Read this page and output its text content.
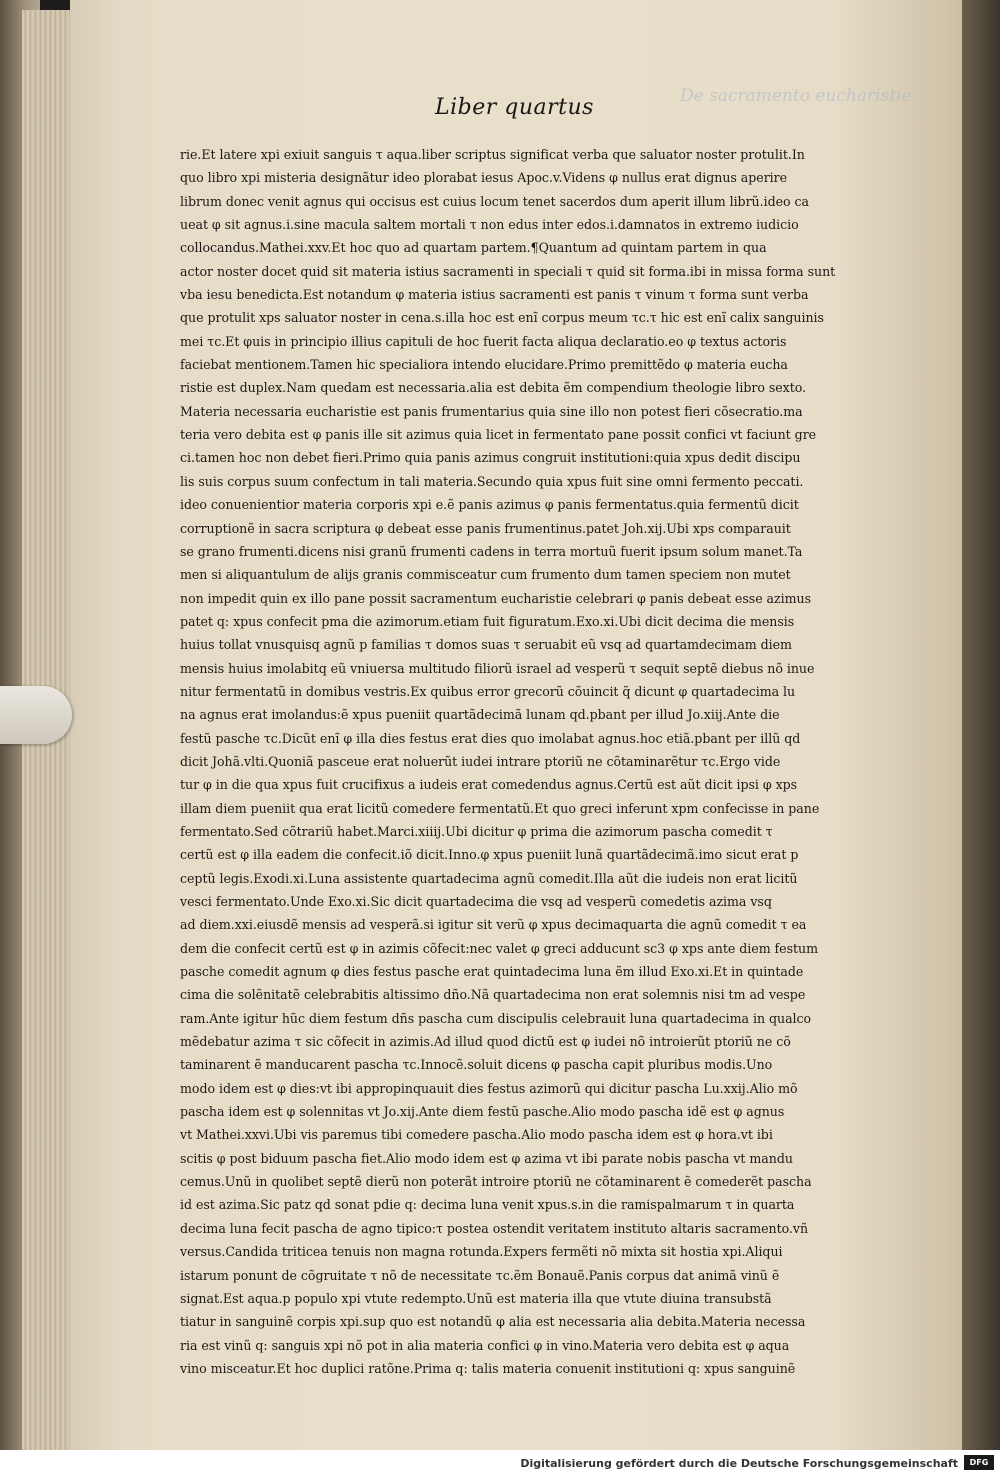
De sacramento eucharistie
Liber quartus
rie.Et latere xpi exiuit sanguis τ aqua.liber scriptus significat verba que saluator noster protulit.In
quo libro xpi misteria designãtur ideo plorabat iesus Apoc.v.Videns φ nullus erat dignus aperire
librum donec venit agnus qui occisus est cuius locum tenet sacerdos dum aperit illum librũ.ideo ca
ueat φ sit agnus.i.sine macula saltem mortali τ non edus inter edos.i.damnatos in extremo iudicio
collocandus.Mathei.xxv.Et hoc quo ad quartam partem.¶Quantum ad quintam partem in qua
actor noster docet quid sit materia istius sacramenti in speciali τ quid sit forma.ibi in missa forma sunt
vba iesu benedicta.Est notandum φ materia istius sacramenti est panis τ vinum τ forma sunt verba
que protulit xps saluator noster in cena.s.illa hoc est enĩ corpus meum τc.τ hic est enĩ calix sanguinis
mei τc.Et φuis in principio illius capituli de hoc fuerit facta aliqua declaratio.eo φ textus actoris
faciebat mentionem.Tamen hic specialiora intendo elucidare.Primo premittẽdo φ materia eucha
ristie est duplex.Nam quedam est necessaria.alia est debita ẽm compendium theologie libro sexto.
Materia necessaria eucharistie est panis frumentarius quia sine illo non potest fieri cõsecratio.ma
teria vero debita est φ panis ille sit azimus quia licet in fermentato pane possit confici vt faciunt gre
ci.tamen hoc non debet fieri.Primo quia panis azimus congruit institutioni:quia xpus dedit discipu
lis suis corpus suum confectum in tali materia.Secundo quia xpus fuit sine omni fermento peccati.
ideo conuenientior materia corporis xpi e.ẽ panis azimus φ panis fermentatus.quia fermentũ dicit
corruptionẽ in sacra scriptura φ debeat esse panis frumentinus.patet Joh.xij.Ubi xps comparauit
se grano frumenti.dicens nisi granũ frumenti cadens in terra mortuũ fuerit ipsum solum manet.Ta
men si aliquantulum de alijs granis commisceatur cum frumento dum tamen speciem non mutet
non impedit quin ex illo pane possit sacramentum eucharistie celebrari φ panis debeat esse azimus
patet q: xpus confecit pma die azimorum.etiam fuit figuratum.Exo.xi.Ubi dicit decima die mensis
huius tollat vnusquisq agnũ p familias τ domos suas τ seruabit eũ vsq ad quartamdecimam diem
mensis huius imolabitq eũ vniuersa multitudo filiorũ israel ad vesperũ τ sequit septẽ diebus nõ inue
nitur fermentatũ in domibus vestris.Ex quibus error grecorũ cõuincit q̃ dicunt φ quartadecima lu
na agnus erat imolandus:ẽ xpus pueniit quartãdecimã lunam qd.pbant per illud Jo.xiij.Ante die
festũ pasche τc.Dicũt enĩ φ illa dies festus erat dies quo imolabat agnus.hoc etiã.pbant per illũ qd
dicit Johã.vlti.Quoniã pasceue erat noluerũt iudei intrare ptoriũ ne cõtaminarẽtur τc.Ergo vide
tur φ in die qua xpus fuit crucifixus a iudeis erat comedendus agnus.Certũ est aũt dicit ipsi φ xps
illam diem pueniit qua erat licitũ comedere fermentatũ.Et quo greci inferunt xpm confecisse in pane
fermentato.Sed cõtrariũ habet.Marci.xiiij.Ubi dicitur φ prima die azimorum pascha comedit τ
certũ est φ illa eadem die confecit.iõ dicit.Inno.φ xpus pueniit lunã quartãdecimã.imo sicut erat p
ceptũ legis.Exodi.xi.Luna assistente quartadecima agnũ comedit.Illa aũt die iudeis non erat licitũ
vesci fermentato.Unde Exo.xi.Sic dicit quartadecima die vsq ad vesperũ comedetis azima vsq
ad diem.xxi.eiusdẽ mensis ad vesperã.si igitur sit verũ φ xpus decimaquarta die agnũ comedit τ ea
dem die confecit certũ est φ in azimis cõfecit:nec valet φ greci adducunt sc3 φ xps ante diem festum
pasche comedit agnum φ dies festus pasche erat quintadecima luna ẽm illud Exo.xi.Et in quintade
cima die solẽnitatẽ celebrabitis altissimo dño.Nã quartadecima non erat solemnis nisi tm ad vespe
ram.Ante igitur hũc diem festum dñs pascha cum discipulis celebrauit luna quartadecima in qualco
mẽdebatur azima τ sic cõfecit in azimis.Ad illud quod dictũ est φ iudei nõ introierũt ptoriũ ne cõ
taminarent ẽ manducarent pascha τc.Innocẽ.soluit dicens φ pascha capit pluribus modis.Uno
modo idem est φ dies:vt ibi appropinquauit dies festus azimorũ qui dicitur pascha Lu.xxij.Alio mõ
pascha idem est φ solennitas vt Jo.xij.Ante diem festũ pasche.Alio modo pascha idẽ est φ agnus
vt Mathei.xxvi.Ubi vis paremus tibi comedere pascha.Alio modo pascha idem est φ hora.vt ibi
scitis φ post biduum pascha fiet.Alio modo idem est φ azima vt ibi parate nobis pascha vt mandu
cemus.Unũ in quolibet septẽ dierũ non poterãt introire ptoriũ ne cõtaminarent ẽ comederẽt pascha
id est azima.Sic patz qd sonat pdie q: decima luna venit xpus.s.in die ramispalmarum τ in quarta
decima luna fecit pascha de agno tipico:τ postea ostendit veritatem instituto altaris sacramento.vñ
versus.Candida triticea tenuis non magna rotunda.Expers fermẽti nõ mixta sit hostia xpi.Aliqui
istarum ponunt de cõgruitate τ nõ de necessitate τc.ẽm Bonauẽ.Panis corpus dat animã vinũ ẽ
signat.Est aqua.p populo xpi vtute redempto.Unũ est materia illa que vtute diuina transubstã
tiatur in sanguinẽ corpis xpi.sup quo est notandũ φ alia est necessaria alia debita.Materia necessa
ria est vinũ q: sanguis xpi nõ pot in alia materia confici φ in vino.Materia vero debita est φ aqua
vino misceatur.Et hoc duplici ratõne.Prima q: talis materia conuenit institutioni q: xpus sanguinẽ
Digitalisierung gefördert durch die Deutsche Forschungsgemeinschaft	DFG
